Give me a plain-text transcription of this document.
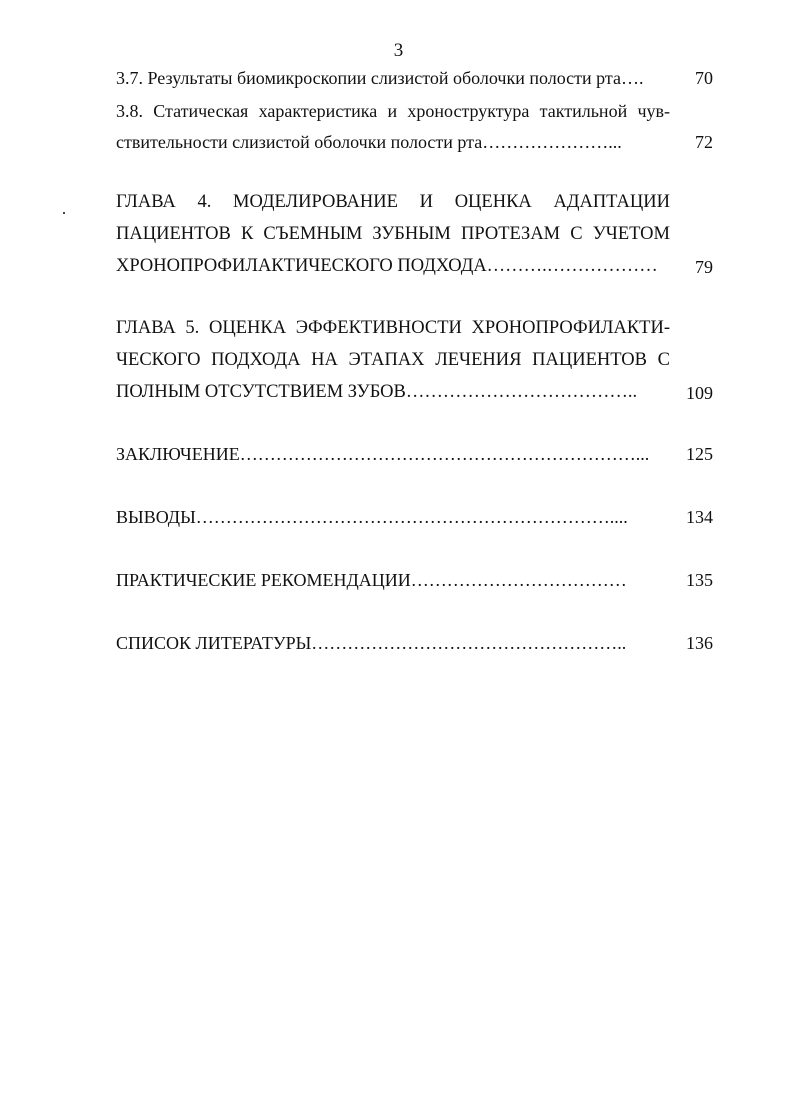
3
3.7. Результаты биомикроскопии слизистой оболочки полости рта….	70
3.8. Статическая характеристика и хроноструктура тактильной чув-
ствительности слизистой оболочки полости рта…………………...	72
ГЛАВА 4. МОДЕЛИРОВАНИЕ И ОЦЕНКА АДАПТАЦИИ
ПАЦИЕНТОВ К СЪЕМНЫМ ЗУБНЫМ ПРОТЕЗАМ С УЧЕТОМ
ХРОНОПРОФИЛАКТИЧЕСКОГО ПОДХОДА……….………………	79
ГЛАВА 5. ОЦЕНКА ЭФФЕКТИВНОСТИ ХРОНОПРОФИЛАКТИ-
ЧЕСКОГО ПОДХОДА НА ЭТАПАХ ЛЕЧЕНИЯ ПАЦИЕНТОВ С
ПОЛНЫМ ОТСУТСТВИЕМ ЗУБОВ………………………………..	109
ЗАКЛЮЧЕНИЕ…………………………………………………………...	125
ВЫВОДЫ……………………………………………………………....	134
ПРАКТИЧЕСКИЕ РЕКОМЕНДАЦИИ………………………………	135
СПИСОК ЛИТЕРАТУРЫ……………………………………………..	136
